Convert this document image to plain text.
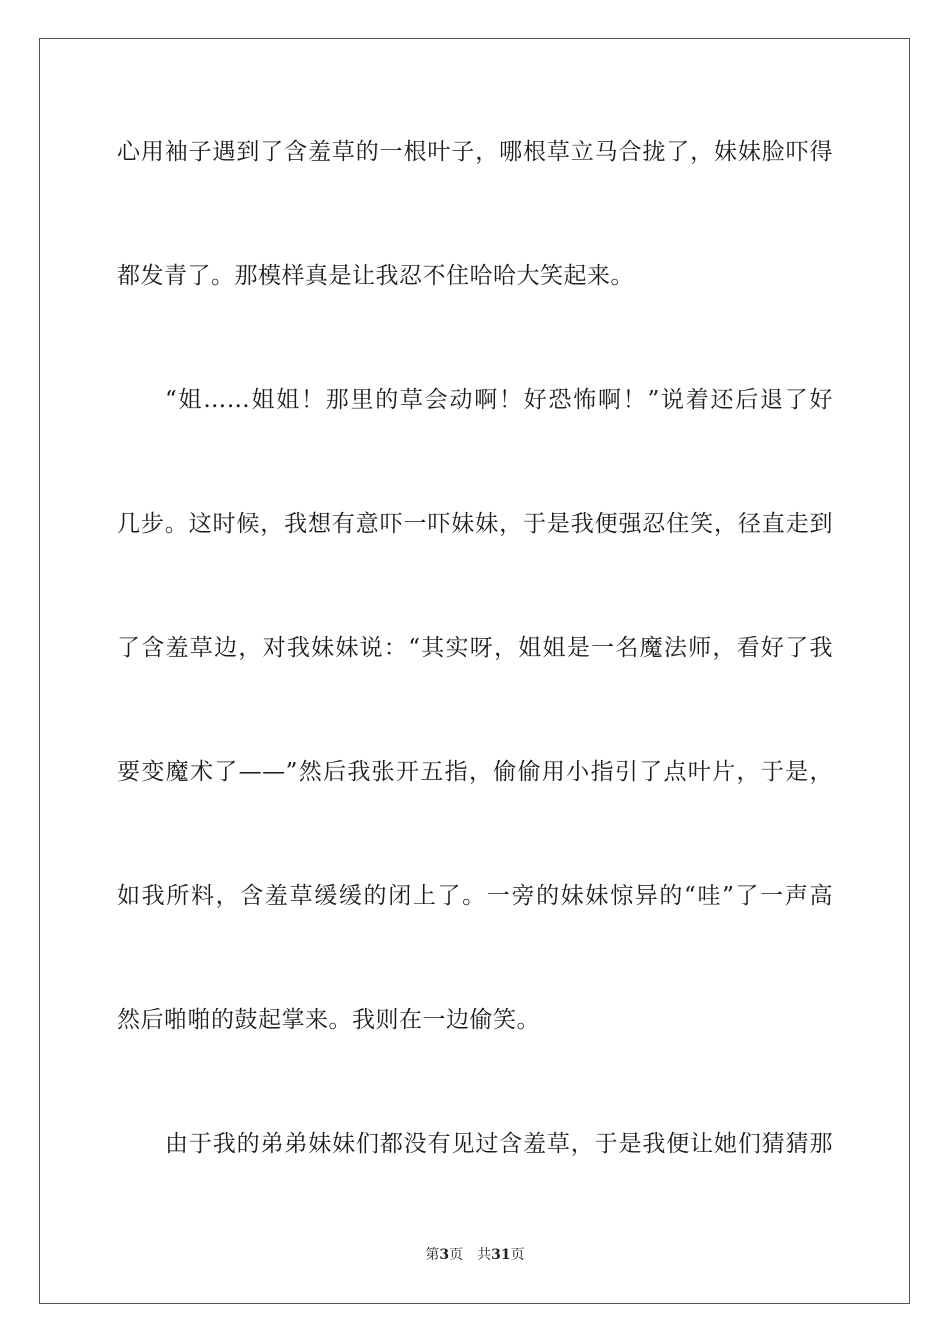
心用袖子遇到了含羞草的一根叶子，哪根草立马合拢了，妹妹脸吓得
都发青了。那模样真是让我忍不住哈哈大笑起来。
“姐……姐姐！那里的草会动啊！好恐怖啊！”说着还后退了好
几步。这时候，我想有意吓一吓妹妹，于是我便强忍住笑，径直走到
了含羞草边，对我妹妹说：“其实呀，姐姐是一名魔法师，看好了我
要变魔术了——”然后我张开五指，偷偷用小指引了点叶片，于是，
如我所料，含羞草缓缓的闭上了。一旁的妹妹惊异的“哇”了一声高
然后啪啪的鼓起掌来。我则在一边偷笑。
由于我的弟弟妹妹们都没有见过含羞草，于是我便让她们猜猜那
第3页 共31页
